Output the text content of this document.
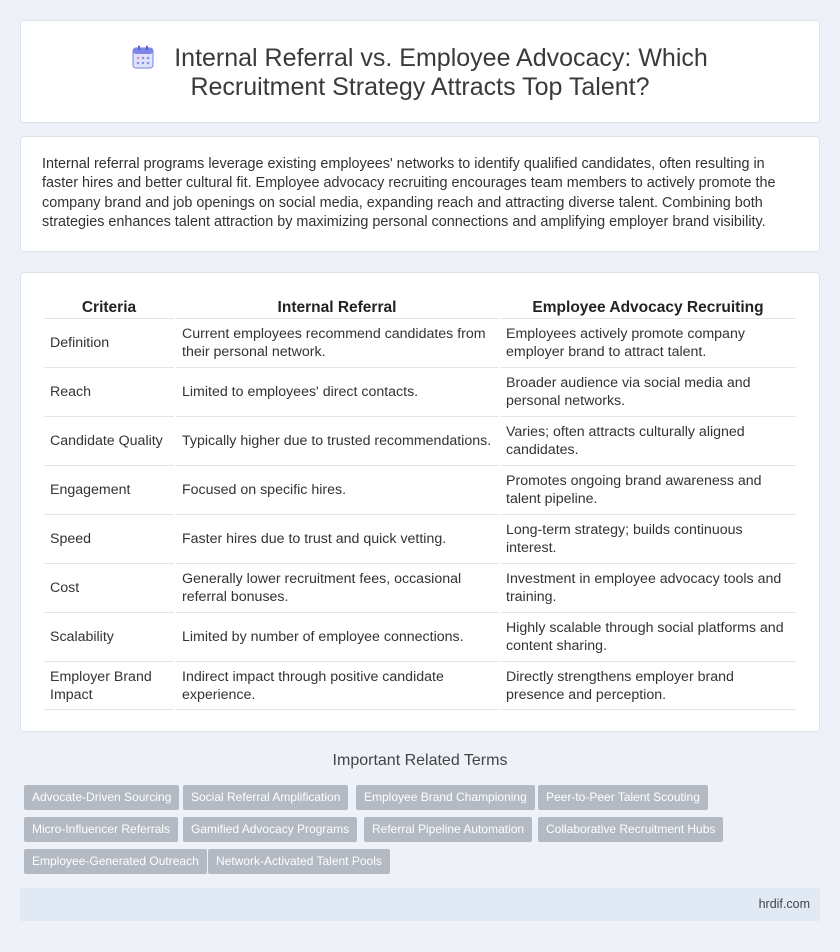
Internal Referral vs. Employee Advocacy: Which Recruitment Strategy Attracts Top Talent?

Internal referral programs leverage existing employees' networks to identify qualified candidates, often resulting in faster hires and better cultural fit. Employee advocacy recruiting encourages team members to actively promote the company brand and job openings on social media, expanding reach and attracting diverse talent. Combining both strategies enhances talent attraction by maximizing personal connections and amplifying employer brand visibility.

Criteria	Internal Referral	Employee Advocacy Recruiting
Definition	Current employees recommend candidates from their personal network.	Employees actively promote company employer brand to attract talent.
Reach	Limited to employees' direct contacts.	Broader audience via social media and personal networks.
Candidate Quality	Typically higher due to trusted recommendations.	Varies; often attracts culturally aligned candidates.
Engagement	Focused on specific hires.	Promotes ongoing brand awareness and talent pipeline.
Speed	Faster hires due to trust and quick vetting.	Long-term strategy; builds continuous interest.
Cost	Generally lower recruitment fees, occasional referral bonuses.	Investment in employee advocacy tools and training.
Scalability	Limited by number of employee connections.	Highly scalable through social platforms and content sharing.
Employer Brand Impact	Indirect impact through positive candidate experience.	Directly strengthens employer brand presence and perception.
Important Related Terms
Advocate-Driven Sourcing	Social Referral Amplification	Employee Brand Championing	Peer-to-Peer Talent Scouting
Micro-Influencer Referrals	Gamified Advocacy Programs	Referral Pipeline Automation	Collaborative Recruitment Hubs
Employee-Generated Outreach	Network-Activated Talent Pools
hrdif.com
